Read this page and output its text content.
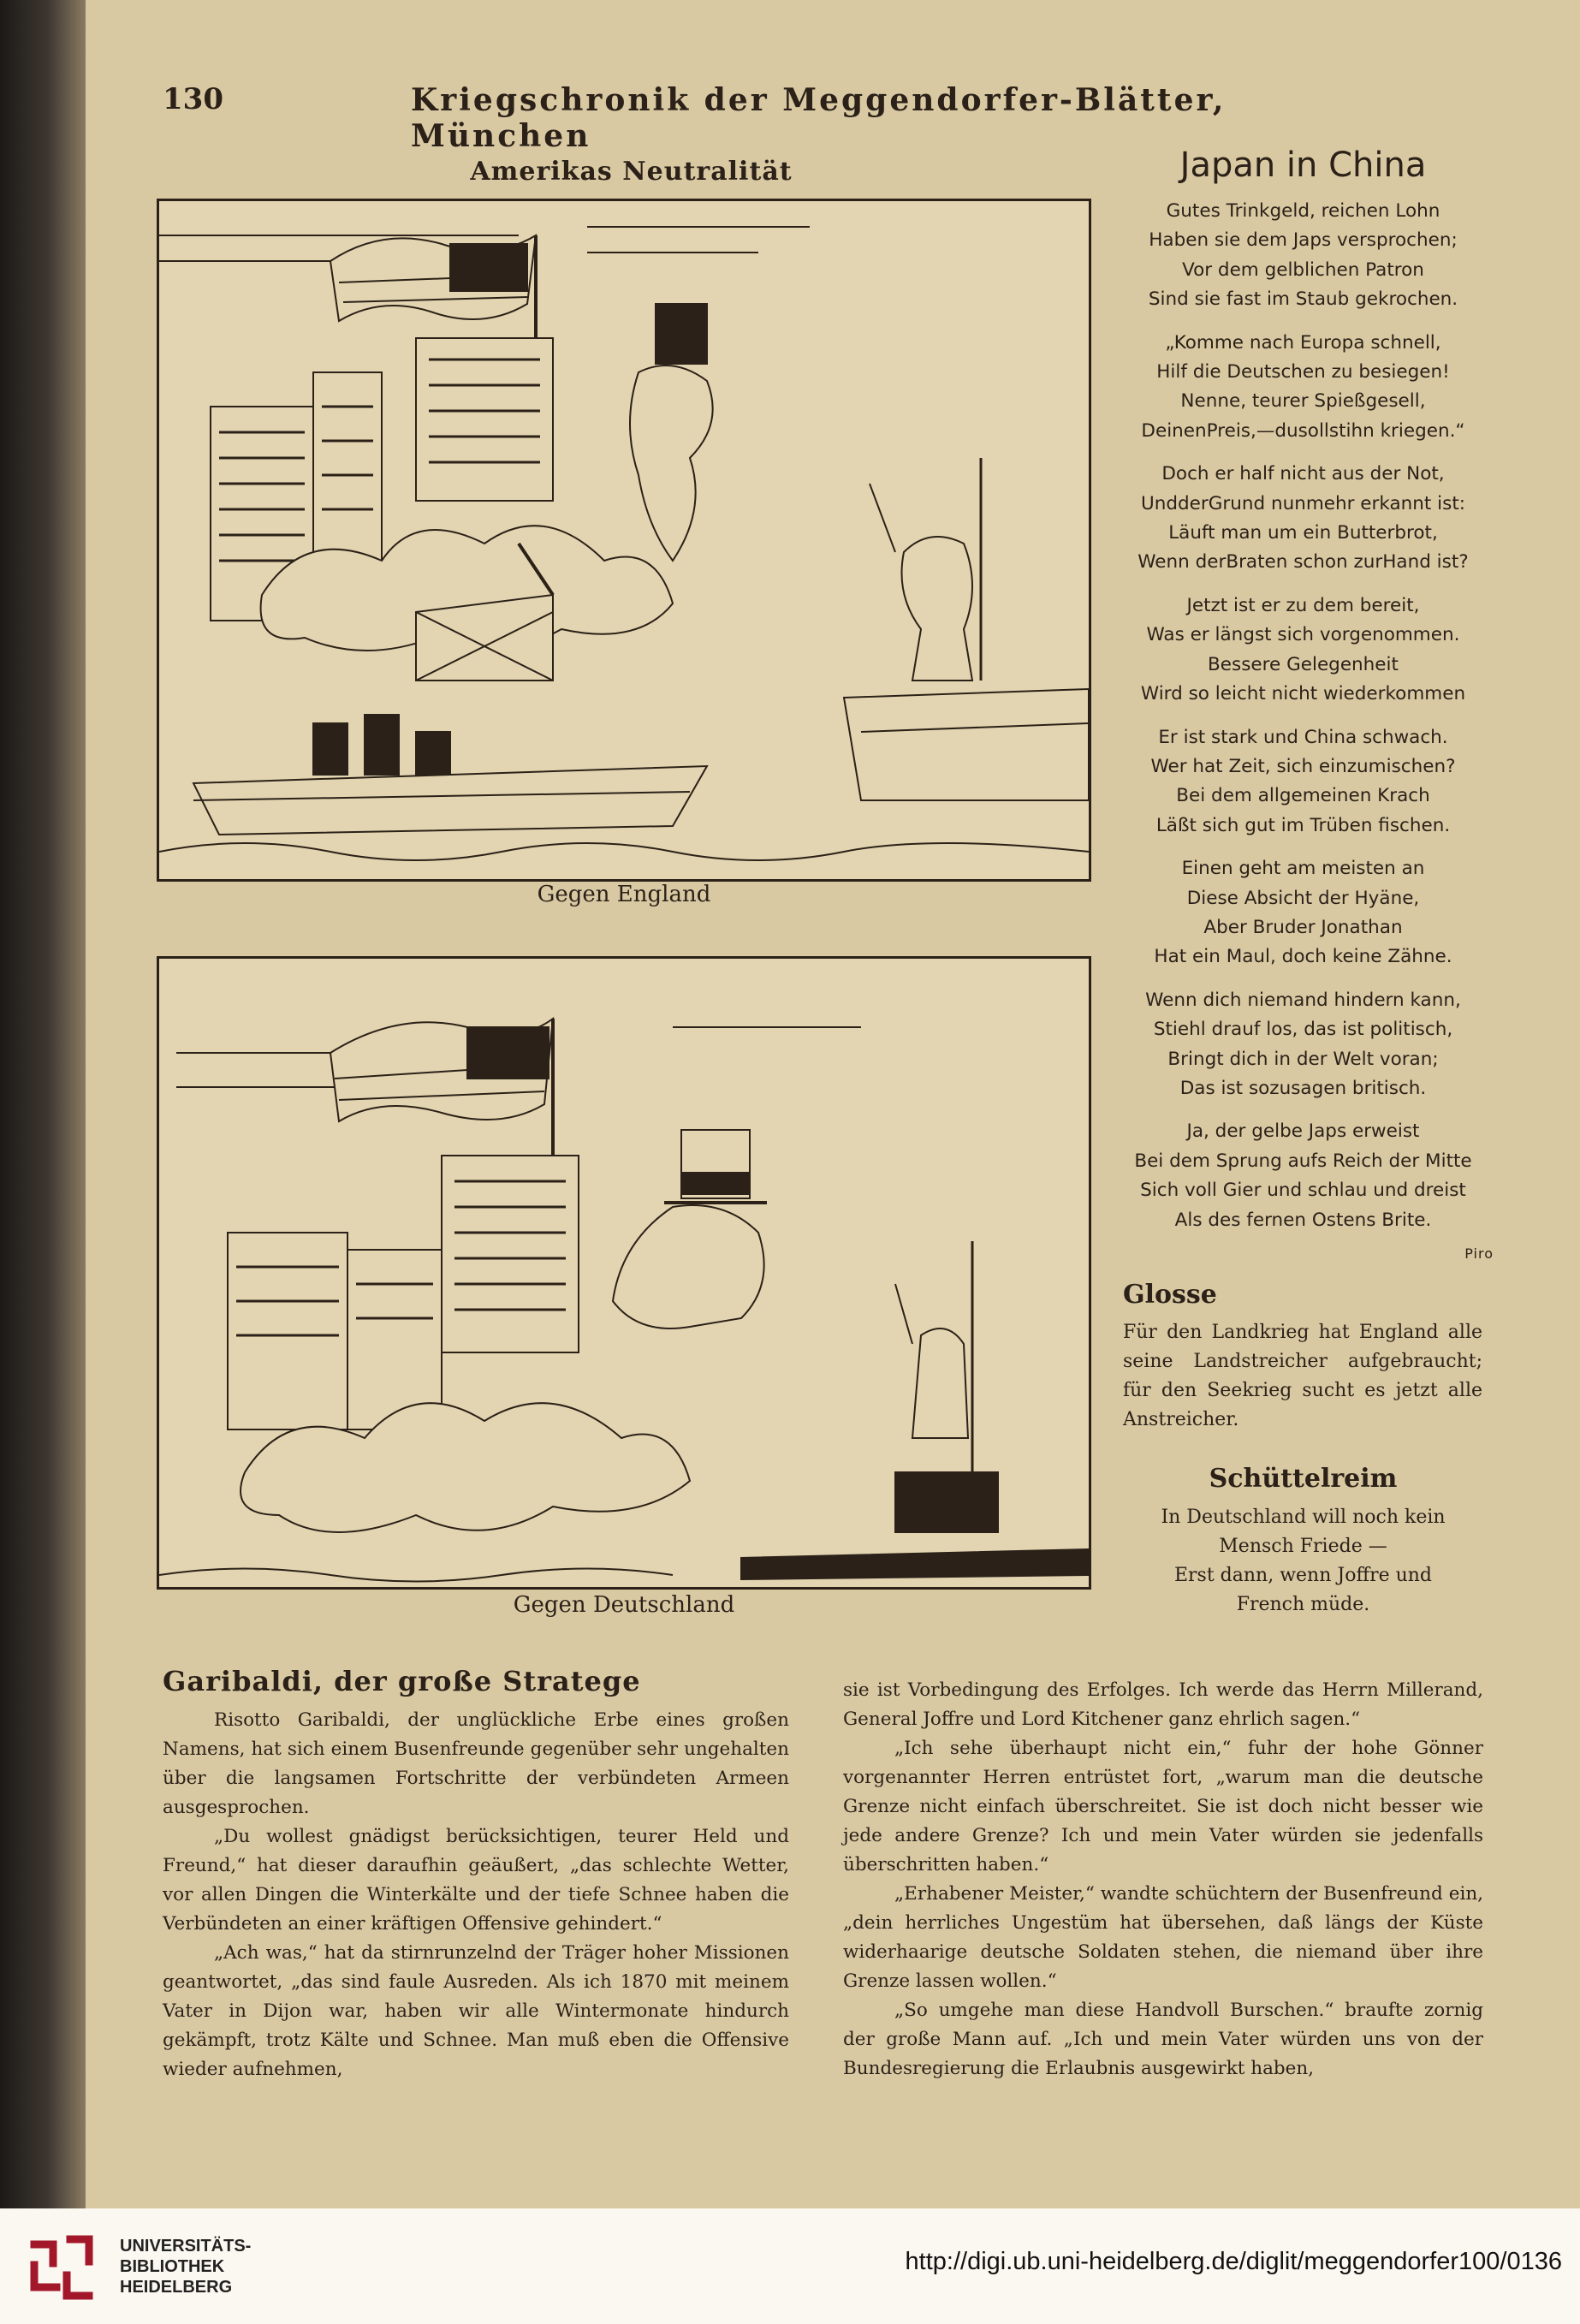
130	Kriegschronik der Meggendorfer-Blätter, München
Amerikas Neutralität
Gegen England
Gegen Deutschland
Japan in China
Gutes Trinkgeld, reichen Lohn
Haben sie dem Japs versprochen;
Vor dem gelblichen Patron
Sind sie fast im Staub gekrochen.
„Komme nach Europa schnell,
Hilf die Deutschen zu besiegen!
Nenne, teurer Spießgesell,
DeinenPreis,—dusollstihn kriegen.“
Doch er half nicht aus der Not,
UndderGrund nunmehr erkannt ist:
Läuft man um ein Butterbrot,
Wenn derBraten schon zurHand ist?
Jetzt ist er zu dem bereit,
Was er längst sich vorgenommen.
Bessere Gelegenheit
Wird so leicht nicht wiederkommen
Er ist stark und China schwach.
Wer hat Zeit, sich einzumischen?
Bei dem allgemeinen Krach
Läßt sich gut im Trüben fischen.
Einen geht am meisten an
Diese Absicht der Hyäne,
Aber Bruder Jonathan
Hat ein Maul, doch keine Zähne.
Wenn dich niemand hindern kann,
Stiehl drauf los, das ist politisch,
Bringt dich in der Welt voran;
Das ist sozusagen britisch.
Ja, der gelbe Japs erweist
Bei dem Sprung aufs Reich der Mitte
Sich voll Gier und schlau und dreist
Als des fernen Ostens Brite.
Piro
Glosse
Für den Landkrieg hat England alle seine Landstreicher aufgebraucht; für den Seekrieg sucht es jetzt alle Anstreicher.
Schüttelreim
In Deutschland will noch kein
Mensch Friede —
Erst dann, wenn Joffre und
French müde.
Garibaldi, der große Stratege

Risotto Garibaldi, der unglückliche Erbe eines großen Namens, hat sich einem Busenfreunde gegenüber sehr ungehalten über die langsamen Fortschritte der verbündeten Armeen ausgesprochen.

„Du wollest gnädigst berücksichtigen, teurer Held und Freund,“ hat dieser daraufhin geäußert, „das schlechte Wetter, vor allen Dingen die Winterkälte und der tiefe Schnee haben die Verbündeten an einer kräftigen Offensive gehindert.“

„Ach was,“ hat da stirnrunzelnd der Träger hoher Missionen geantwortet, „das sind faule Ausreden. Als ich 1870 mit meinem Vater in Dijon war, haben wir alle Wintermonate hindurch gekämpft, trotz Kälte und Schnee. Man muß eben die Offensive wieder aufnehmen,

sie ist Vorbedingung des Erfolges. Ich werde das Herrn Millerand, General Joffre und Lord Kitchener ganz ehrlich sagen.“

„Ich sehe überhaupt nicht ein,“ fuhr der hohe Gönner vorgenannter Herren entrüstet fort, „warum man die deutsche Grenze nicht einfach überschreitet. Sie ist doch nicht besser wie jede andere Grenze? Ich und mein Vater würden sie jedenfalls überschritten haben.“

„Erhabener Meister,“ wandte schüchtern der Busenfreund ein, „dein herrliches Ungestüm hat übersehen, daß längs der Küste widerhaarige deutsche Soldaten stehen, die niemand über ihre Grenze lassen wollen.“

„So umgehe man diese Handvoll Burschen.“ braufte zornig der große Mann auf. „Ich und mein Vater würden uns von der Bundesregierung die Erlaubnis ausgewirkt haben,

UNIVERSITÄTS-
BIBLIOTHEK
HEIDELBERG
http://digi.ub.uni-heidelberg.de/diglit/meggendorfer100/0136
